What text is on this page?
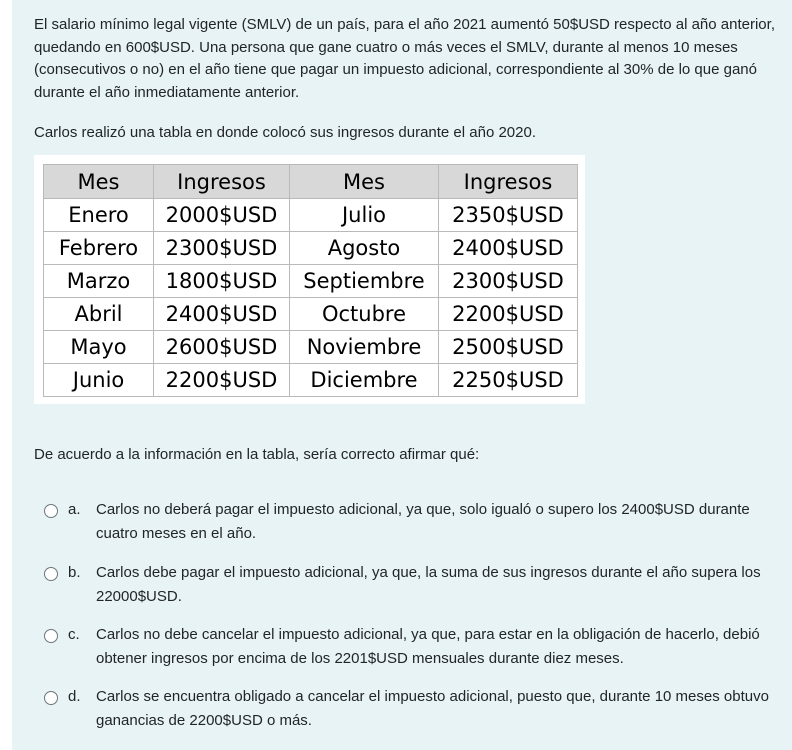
El salario mínimo legal vigente (SMLV) de un país, para el año 2021 aumentó 50$USD respecto al año anterior, quedando en 600$USD. Una persona que gane cuatro o más veces el SMLV, durante al menos 10 meses (consecutivos o no) en el año tiene que pagar un impuesto adicional, correspondiente al 30% de lo que ganó durante el año inmediatamente anterior.

Carlos realizó una tabla en donde colocó sus ingresos durante el año 2020.

Mes	Ingresos	Mes	Ingresos
Enero	2000$USD	Julio	2350$USD
Febrero	2300$USD	Agosto	2400$USD
Marzo	1800$USD	Septiembre	2300$USD
Abril	2400$USD	Octubre	2200$USD
Mayo	2600$USD	Noviembre	2500$USD
Junio	2200$USD	Diciembre	2250$USD

De acuerdo a la información en la tabla, sería correcto afirmar qué:

a. Carlos no deberá pagar el impuesto adicional, ya que, solo igualó o supero los 2400$USD durante cuatro meses en el año.
b. Carlos debe pagar el impuesto adicional, ya que, la suma de sus ingresos durante el año supera los 22000$USD.
c. Carlos no debe cancelar el impuesto adicional, ya que, para estar en la obligación de hacerlo, debió obtener ingresos por encima de los 2201$USD mensuales durante diez meses.
d. Carlos se encuentra obligado a cancelar el impuesto adicional, puesto que, durante 10 meses obtuvo ganancias de 2200$USD o más.
